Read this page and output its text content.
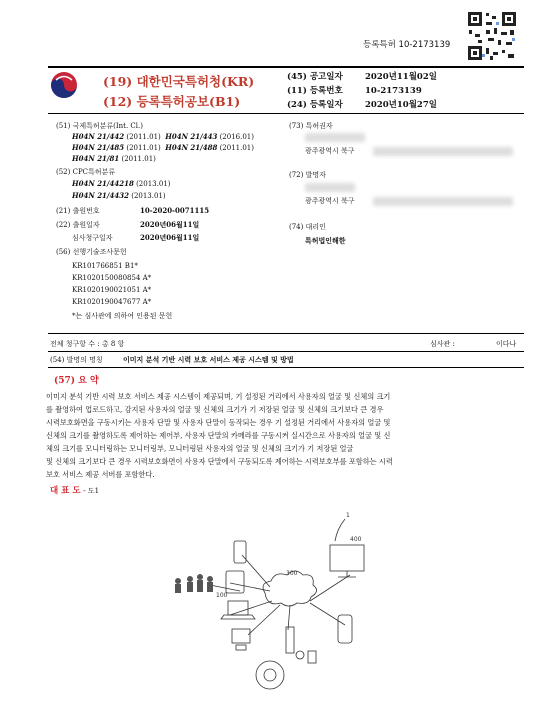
등록특허 10-2173139
(19) 대한민국특허청(KR)
(12) 등록특허공보(B1)
(45) 공고일자	2020년11월02일
(11) 등록번호	10-2173139
(24) 등록일자	2020년10월27일
(51) 국제특허분류(Int. Cl.)
H04N 21/442 (2011.01) H04N 21/443 (2016.01)
H04N 21/485 (2011.01) H04N 21/488 (2011.01)
H04N 21/81 (2011.01)
(52) CPC특허분류
H04N 21/44218 (2013.01)
H04N 21/4432 (2013.01)
(21) 출원번호	10-2020-0071115
(22) 출원일자	2020년06월11일
심사청구일자	2020년06월11일
(56) 선행기술조사문헌
KR101766851 B1*
KR1020150080854 A*
KR1020190021051 A*
KR1020190047677 A*
*는 심사관에 의하여 인용된 문헌
(73) 특허권자
광주광역시 북구
(72) 발명자
광주광역시 북구
(74) 대리인
특허법인해한
전체 청구항 수 : 총 8 항	심사관 :	이다나
(54) 발명의 명칭	이미지 분석 기반 시력 보호 서비스 제공 시스템 및 방법
(57) 요 약
이미지 분석 기반 시력 보호 서비스 제공 시스템이 제공되며, 기 설정된 거리에서 사용자의 얼굴 및 신체의 크기
를 촬영하여 업로드하고, 감지된 사용자의 얼굴 및 신체의 크기가 기 저장된 얼굴 및 신체의 크기보다 큰 경우
시력보호화면을 구동시키는 사용자 단말 및 사용자 단말이 동작되는 경우 기 설정된 거리에서 사용자의 얼굴 및
신체의 크기를 촬영하도록 제어하는 제어부, 사용자 단말의 카메라를 구동시켜 실시간으로 사용자의 얼굴 및 신
체의 크기를 모니터링하는 모니터링부, 모니터링된 사용자의 얼굴 및 신체의 크기가 기 저장된 얼굴
및 신체의 크기보다 큰 경우 시력보호화면이 사용자 단말에서 구동되도록 제어하는 시력보호부를 포함하는 시력
보호 서비스 제공 서버를 포함한다.
대 표 도 - 도1
1
100
300
400
